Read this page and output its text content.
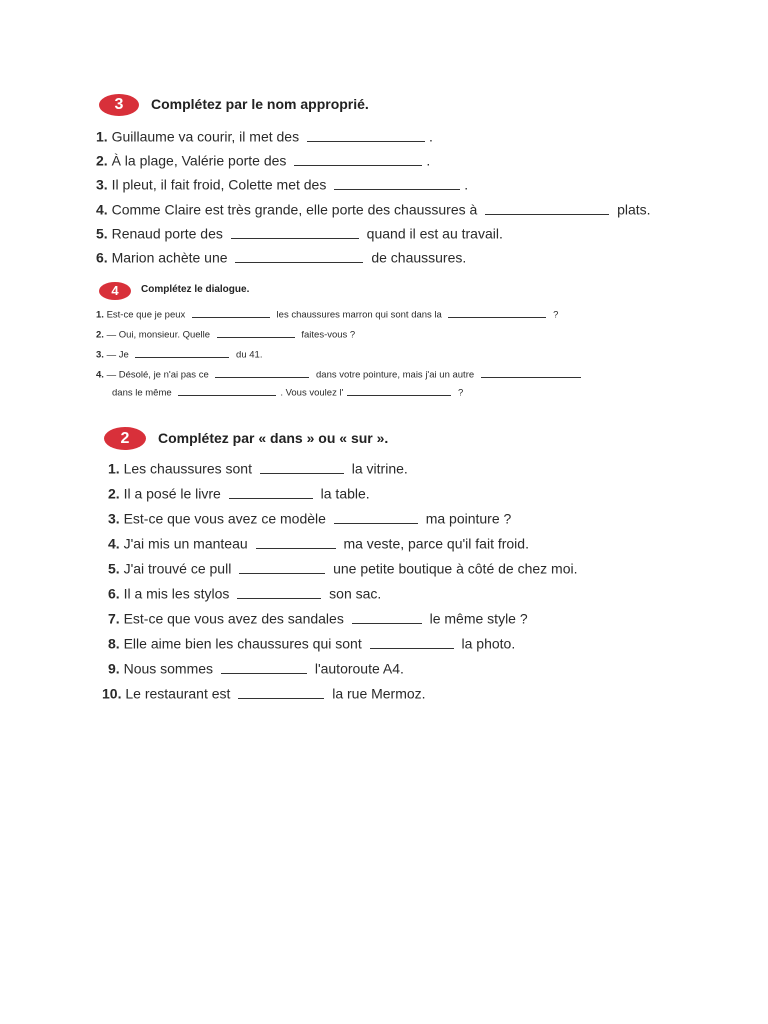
3	Complétez par le nom approprié.
1. Guillaume va courir, il met des	.
2. À la plage, Valérie porte des	.
3. Il pleut, il fait froid, Colette met des	.
4. Comme Claire est très grande, elle porte des chaussures à	plats.
5. Renaud porte des	quand il est au travail.
6. Marion achète une	de chaussures.
4	Complétez le dialogue.
1. Est-ce que je peux	les chaussures marron qui sont dans la	?
2. — Oui, monsieur. Quelle	faites-vous ?
3. — Je	du 41.
4. — Désolé, je n'ai pas ce	dans votre pointure, mais j'ai un autre
dans le même	. Vous voulez l'	?
2	Complétez par « dans » ou « sur ».
1. Les chaussures sont	la vitrine.
2. Il a posé le livre	la table.
3. Est-ce que vous avez ce modèle	ma pointure ?
4. J'ai mis un manteau	ma veste, parce qu'il fait froid.
5. J'ai trouvé ce pull	une petite boutique à côté de chez moi.
6. Il a mis les stylos	son sac.
7. Est-ce que vous avez des sandales	le même style ?
8. Elle aime bien les chaussures qui sont	la photo.
9. Nous sommes	l'autoroute A4.
10. Le restaurant est	la rue Mermoz.
